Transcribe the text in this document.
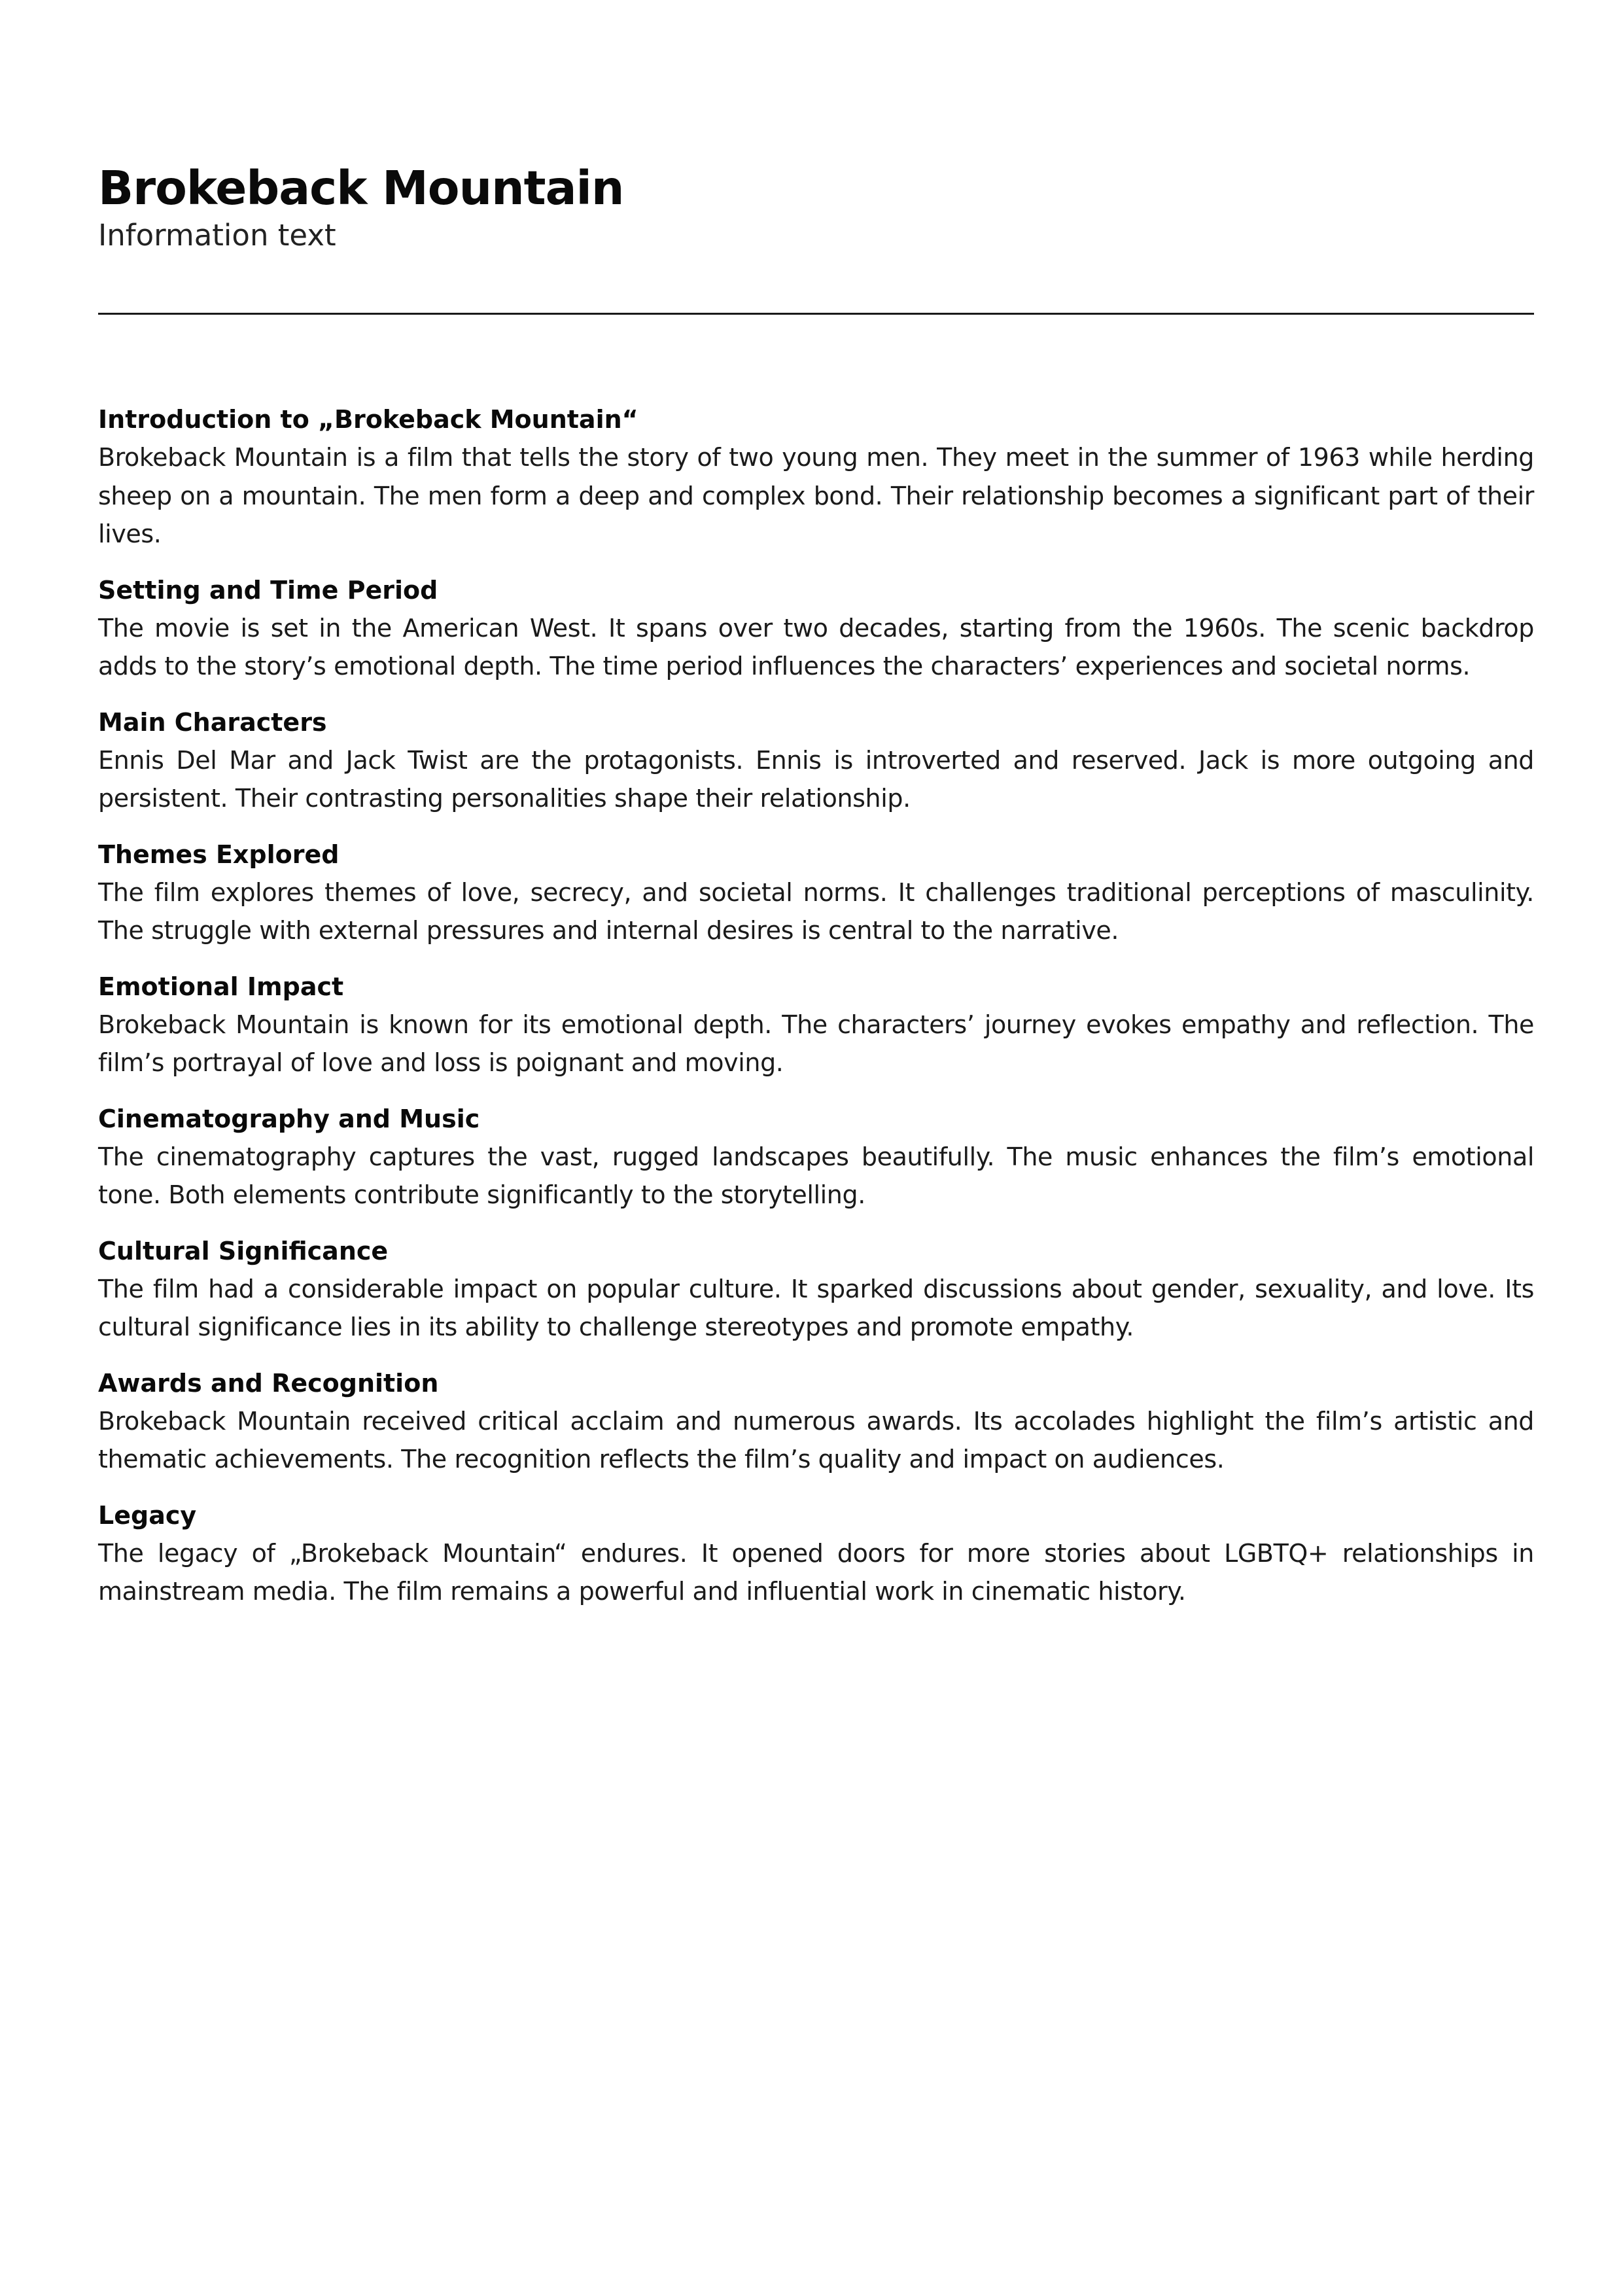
Brokeback Mountain

Information text

Introduction to „Brokeback Mountain“

Brokeback Mountain is a film that tells the story of two young men. They meet in the summer of 1963 while herding sheep on a mountain. The men form a deep and complex bond. Their relationship becomes a significant part of their lives.

Setting and Time Period

The movie is set in the American West. It spans over two decades, starting from the 1960s. The scenic backdrop adds to the story’s emotional depth. The time period influences the characters’ experiences and societal norms.

Main Characters

Ennis Del Mar and Jack Twist are the protagonists. Ennis is introverted and reserved. Jack is more outgoing and persistent. Their contrasting personalities shape their relationship.

Themes Explored

The film explores themes of love, secrecy, and societal norms. It challenges traditional perceptions of masculinity. The struggle with external pressures and internal desires is central to the narrative.

Emotional Impact

Brokeback Mountain is known for its emotional depth. The characters’ journey evokes empathy and reflection. The film’s portrayal of love and loss is poignant and moving.

Cinematography and Music

The cinematography captures the vast, rugged landscapes beautifully. The music enhances the film’s emotional tone. Both elements contribute significantly to the storytelling.

Cultural Significance

The film had a considerable impact on popular culture. It sparked discussions about gender, sexuality, and love. Its cultural significance lies in its ability to challenge stereotypes and promote empathy.

Awards and Recognition

Brokeback Mountain received critical acclaim and numerous awards. Its accolades highlight the film’s artistic and thematic achievements. The recognition reflects the film’s quality and impact on audiences.

Legacy

The legacy of „Brokeback Mountain“ endures. It opened doors for more stories about LGBTQ+ relationships in mainstream media. The film remains a powerful and influential work in cinematic history.
